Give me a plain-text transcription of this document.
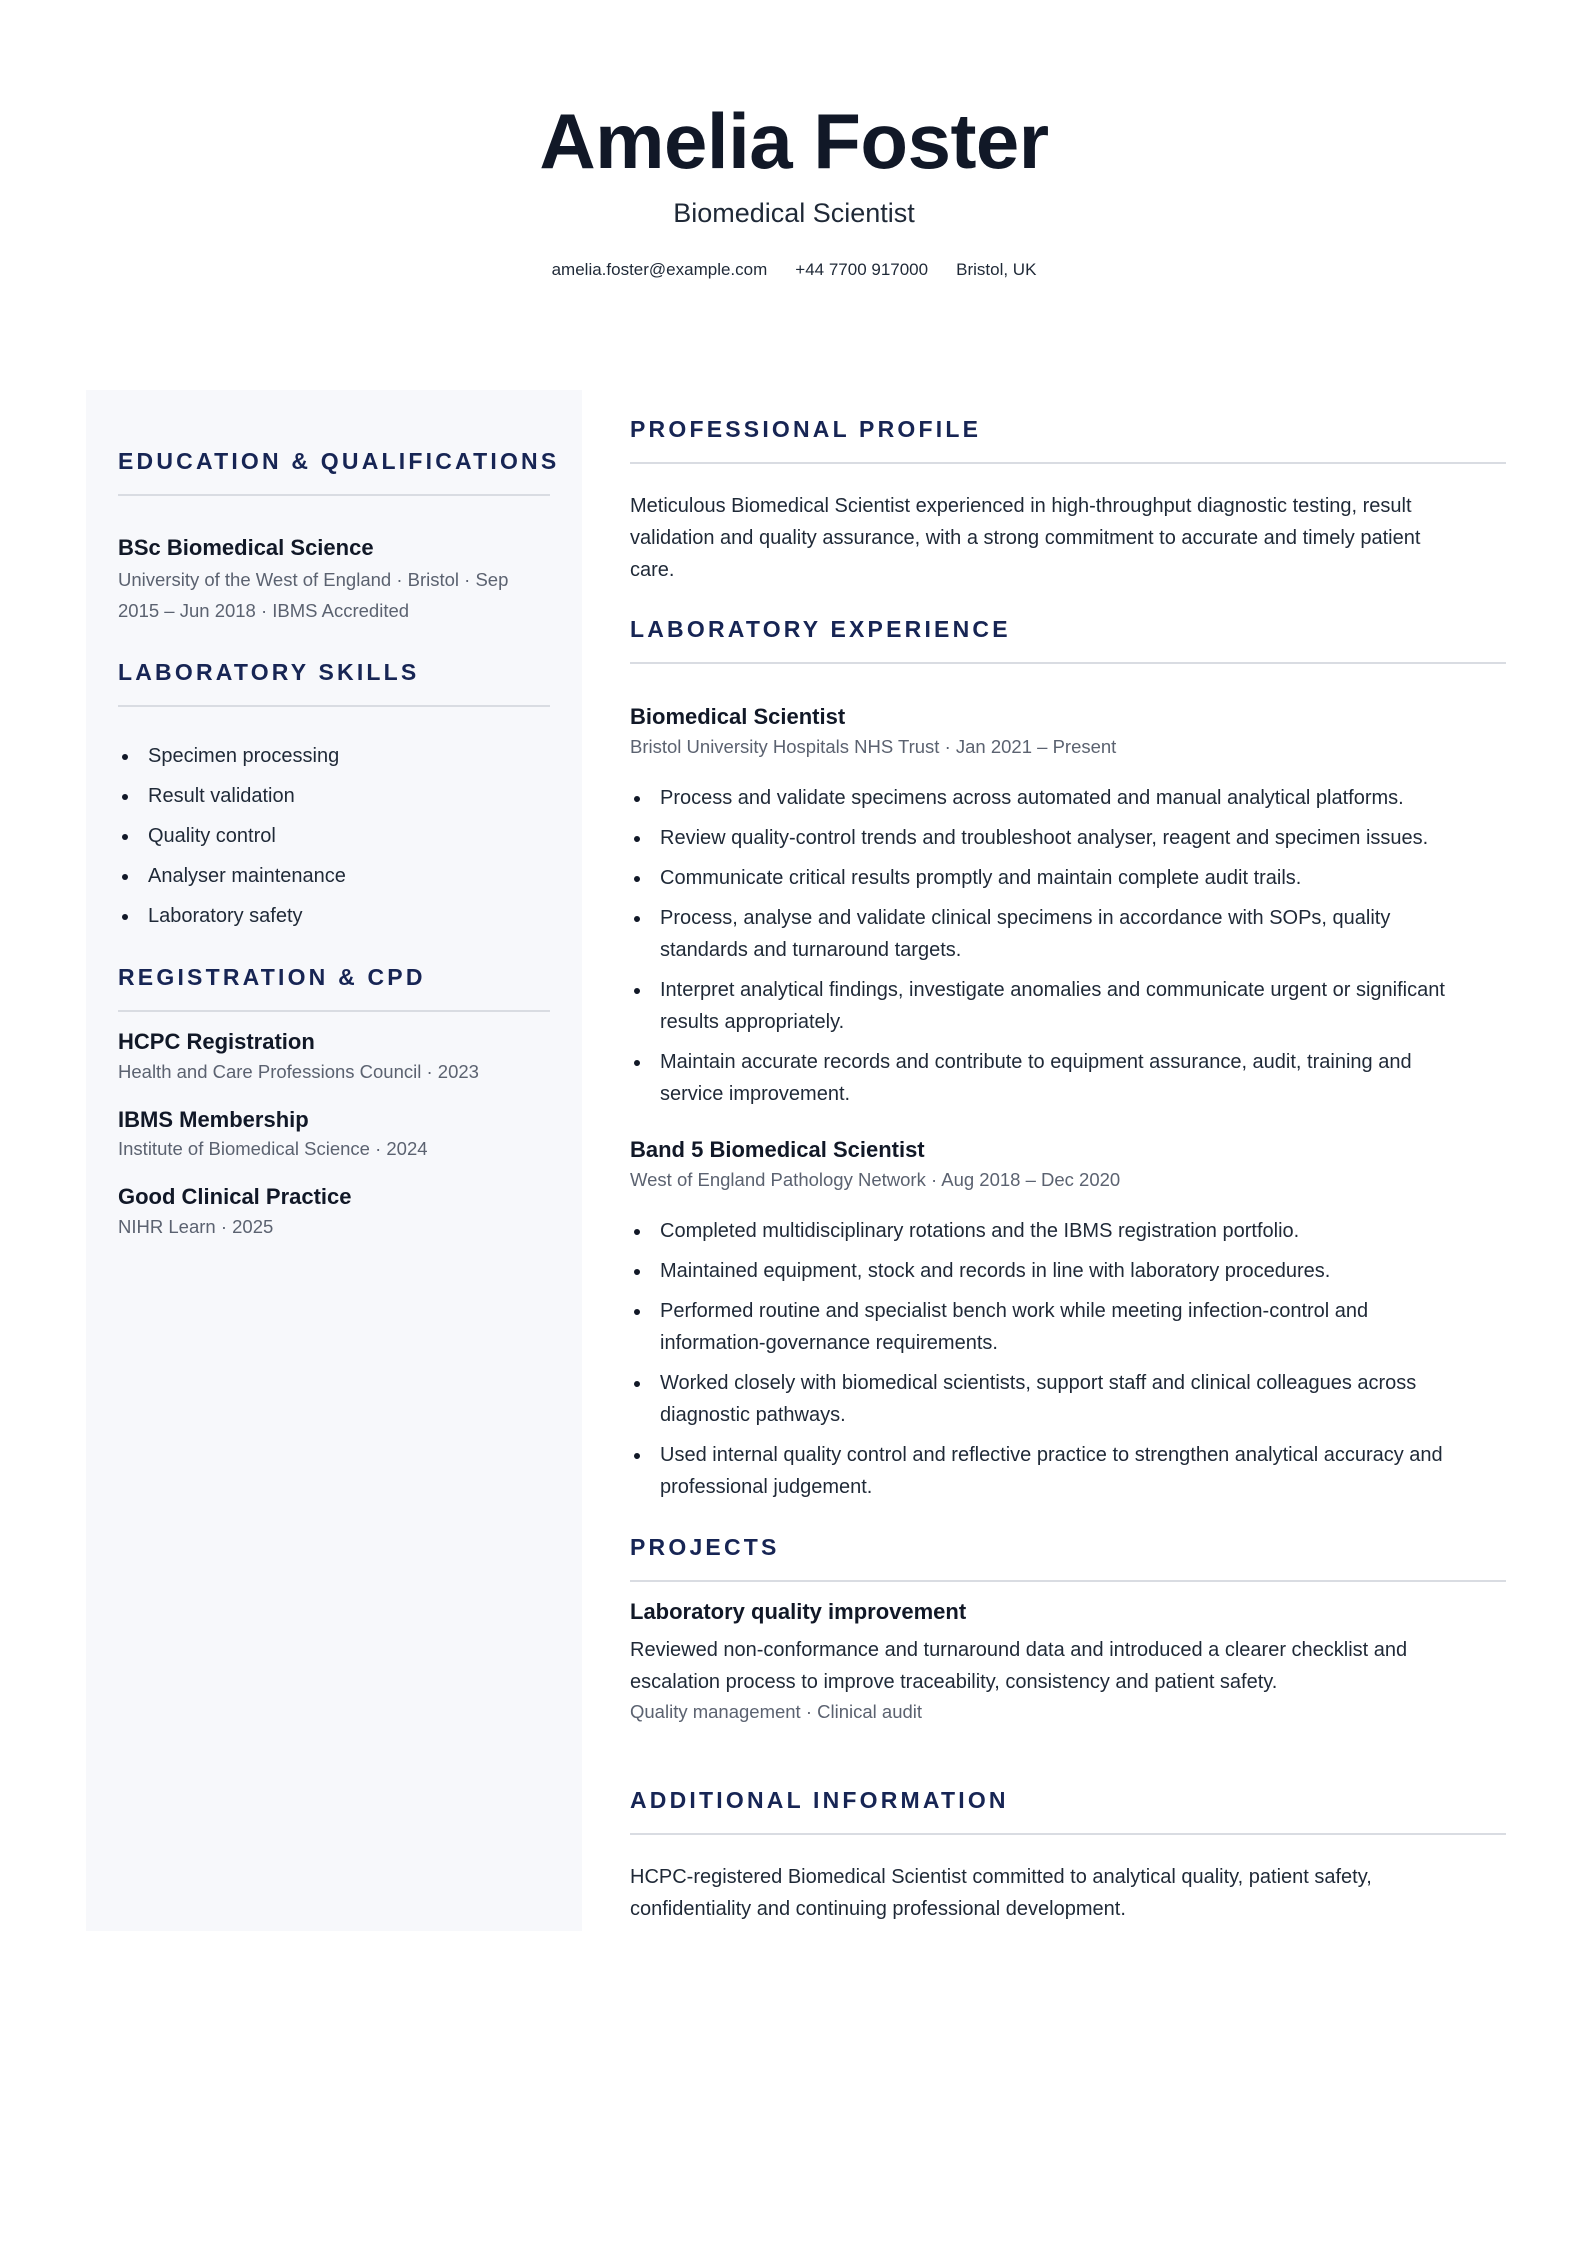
Amelia Foster
Biomedical Scientist
amelia.foster@example.com +44 7700 917000 Bristol, UK
EDUCATION & QUALIFICATIONS
BSc Biomedical Science
University of the West of England · Bristol · Sep
2015 – Jun 2018 · IBMS Accredited
LABORATORY SKILLS
Specimen processing
Result validation
Quality control
Analyser maintenance
Laboratory safety
REGISTRATION & CPD
HCPC Registration
Health and Care Professions Council · 2023
IBMS Membership
Institute of Biomedical Science · 2024
Good Clinical Practice
NIHR Learn · 2025
PROFESSIONAL PROFILE
Meticulous Biomedical Scientist experienced in high-throughput diagnostic testing, result
validation and quality assurance, with a strong commitment to accurate and timely patient
care.
LABORATORY EXPERIENCE
Biomedical Scientist
Bristol University Hospitals NHS Trust · Jan 2021 – Present
Process and validate specimens across automated and manual analytical platforms.
Review quality-control trends and troubleshoot analyser, reagent and specimen issues.
Communicate critical results promptly and maintain complete audit trails.
Process, analyse and validate clinical specimens in accordance with SOPs, quality
standards and turnaround targets.
Interpret analytical findings, investigate anomalies and communicate urgent or significant
results appropriately.
Maintain accurate records and contribute to equipment assurance, audit, training and
service improvement.
Band 5 Biomedical Scientist
West of England Pathology Network · Aug 2018 – Dec 2020
Completed multidisciplinary rotations and the IBMS registration portfolio.
Maintained equipment, stock and records in line with laboratory procedures.
Performed routine and specialist bench work while meeting infection-control and
information-governance requirements.
Worked closely with biomedical scientists, support staff and clinical colleagues across
diagnostic pathways.
Used internal quality control and reflective practice to strengthen analytical accuracy and
professional judgement.
PROJECTS
Laboratory quality improvement
Reviewed non-conformance and turnaround data and introduced a clearer checklist and
escalation process to improve traceability, consistency and patient safety.
Quality management · Clinical audit
ADDITIONAL INFORMATION
HCPC-registered Biomedical Scientist committed to analytical quality, patient safety,
confidentiality and continuing professional development.
